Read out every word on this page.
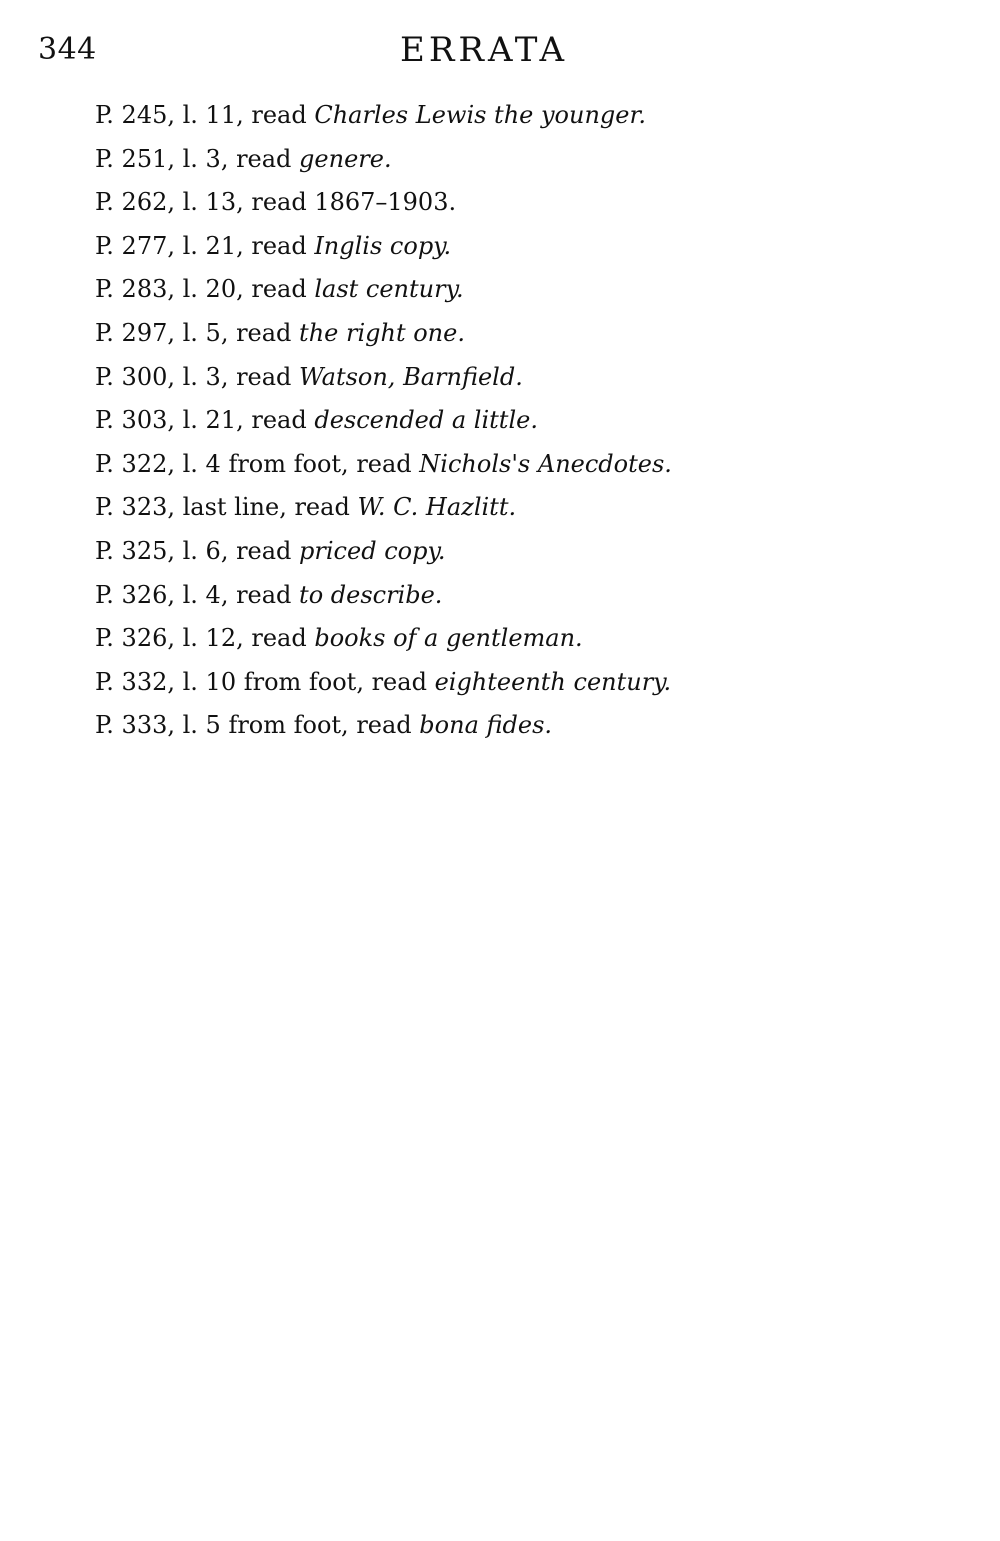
344	ERRATA
P. 245, l. 11, read Charles Lewis the younger.
P. 251, l. 3, read genere.
P. 262, l. 13, read 1867–1903.
P. 277, l. 21, read Inglis copy.
P. 283, l. 20, read last century.
P. 297, l. 5, read the right one.
P. 300, l. 3, read Watson, Barnfield.
P. 303, l. 21, read descended a little.
P. 322, l. 4 from foot, read Nichols's Anecdotes.
P. 323, last line, read W. C. Hazlitt.
P. 325, l. 6, read priced copy.
P. 326, l. 4, read to describe.
P. 326, l. 12, read books of a gentleman.
P. 332, l. 10 from foot, read eighteenth century.
P. 333, l. 5 from foot, read bona fides.
